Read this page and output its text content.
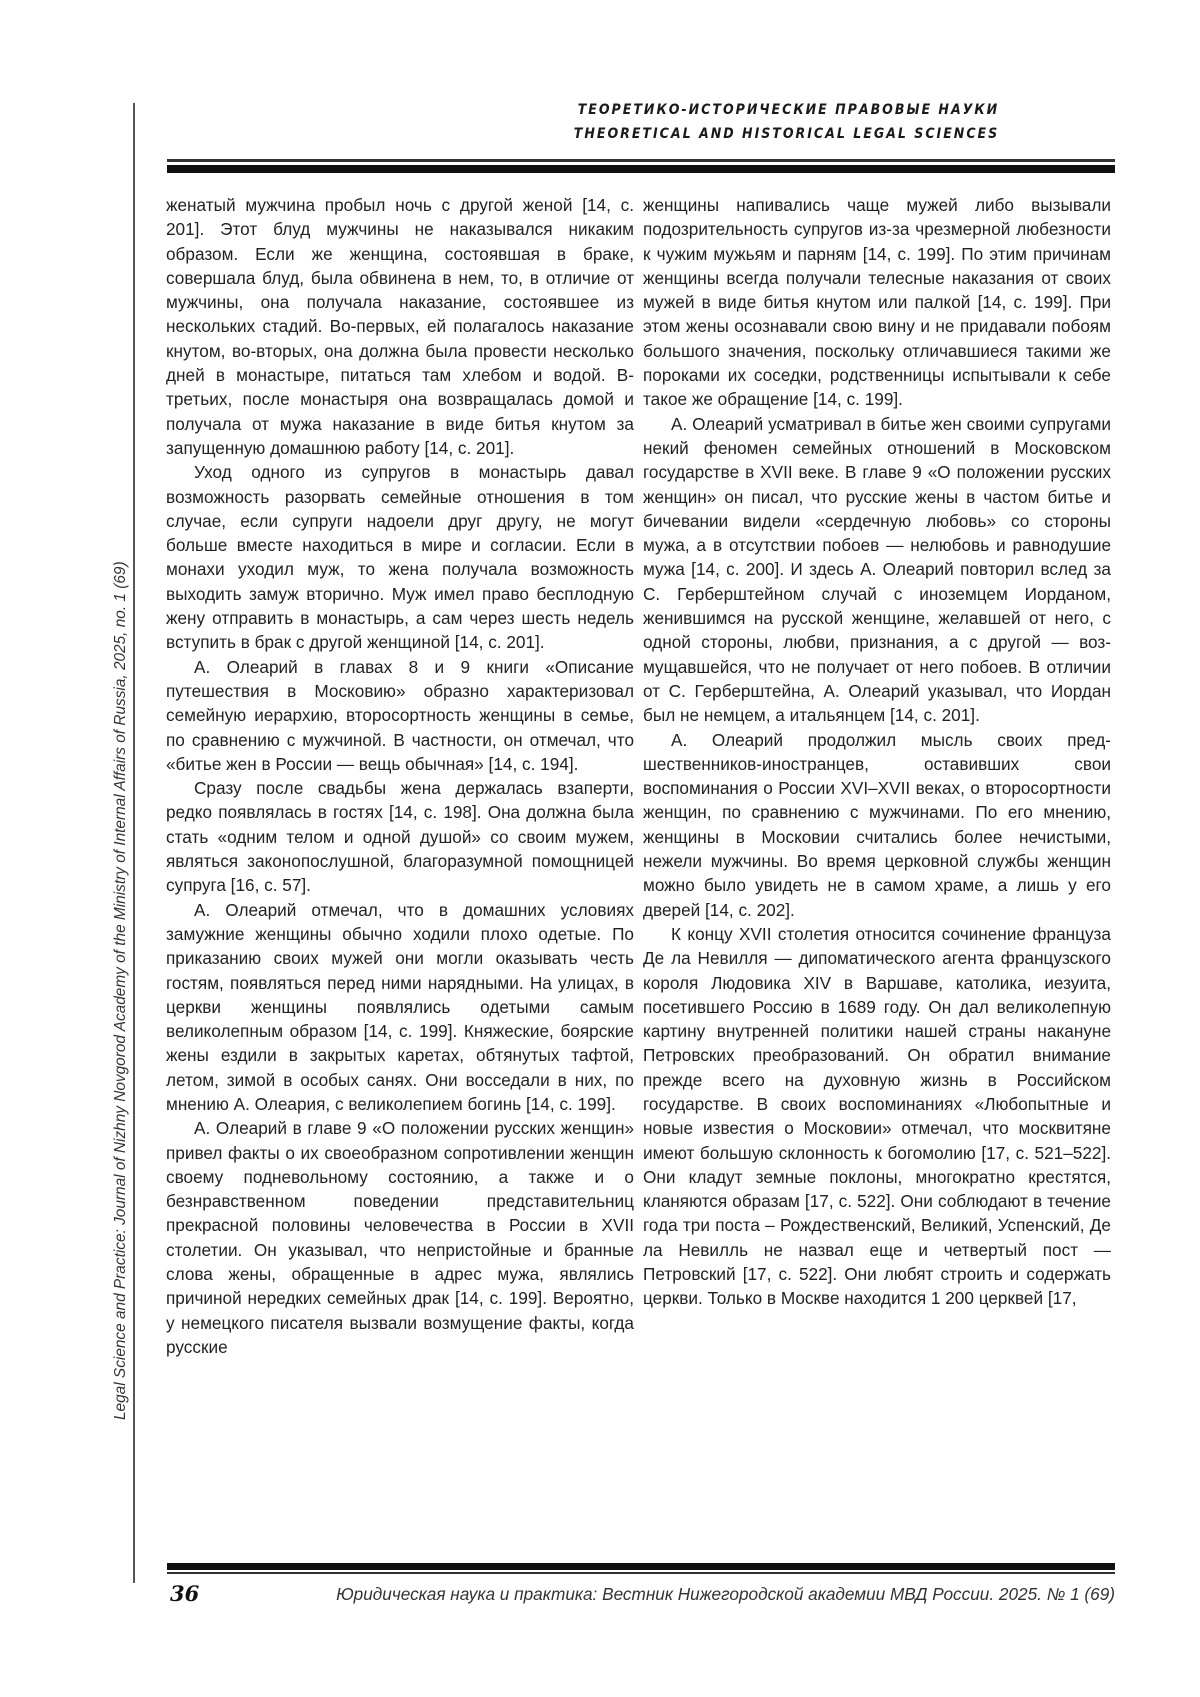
Legal Science and Practice: Journal of Nizhny Novgorod Academy of the Ministry of Internal Affairs of Russia, 2025, no. 1 (69)
ТЕОРЕТИКО-ИСТОРИЧЕСКИЕ ПРАВОВЫЕ НАУКИ
THEORETICAL AND HISTORICAL LEGAL SCIENCES

женатый мужчина пробыл ночь с другой женой [14, с. 201]. Этот блуд мужчины не наказывался никаким образом. Если же женщина, состоявшая в браке, совершала блуд, была обвинена в нем, то, в отличие от мужчины, она получала наказание, состоявшее из нескольких стадий. Во-первых, ей полагалось наказание кнутом, во-вторых, она должна была провести несколько дней в монастыре, питаться там хлебом и водой. В-третьих, после монастыря она возвращалась домой и получала от мужа наказание в виде битья кнутом за запущенную домашнюю работу [14, с. 201].

Уход одного из супругов в монастырь давал возможность разорвать семейные отношения в том случае, если супруги надоели друг другу, не могут больше вместе находиться в мире и согласии. Если в монахи уходил муж, то жена получала возможность выходить замуж вторично. Муж имел право бесплодную жену отправить в монастырь, а сам через шесть недель вступить в брак с другой женщиной [14, с. 201].

А. Олеарий в главах 8 и 9 книги «Описание путешествия в Московию» образно характеризовал семейную иерархию, второсортность женщины в семье, по сравнению с мужчиной. В частности, он отмечал, что «битье жен в России — вещь обычная» [14, с. 194].

Сразу после свадьбы жена держалась взаперти, редко появлялась в гостях [14, с. 198]. Она должна была стать «одним телом и одной душой» со своим мужем, являться законопослушной, благоразумной помощницей супруга [16, с. 57].

А. Олеарий отмечал, что в домашних условиях замужние женщины обычно ходили плохо одетые. По приказанию своих мужей они могли оказывать честь гостям, появляться перед ними нарядными. На улицах, в церкви женщины появлялись одетыми самым великолепным образом [14, с. 199]. Княжеские, боярские жены ездили в закрытых каретах, обтянутых тафтой, летом, зимой в особых санях. Они восседали в них, по мнению А. Олеария, с великолепием богинь [14, с. 199].

А. Олеарий в главе 9 «О положении русских женщин» привел факты о их своеобразном сопротивлении женщин своему подневольному состоянию, а также и о безнравственном поведении представительниц прекрасной половины человечества в России в XVII столетии. Он указывал, что непристойные и бранные слова жены, обращенные в адрес мужа, являлись причиной нередких семейных драк [14, с. 199]. Вероятно, у немецкого писателя вызвали возмущение факты, когда русские

женщины напивались чаще мужей либо вызывали подозрительность супругов из-за чрезмерной любезности к чужим мужьям и парням [14, с. 199]. По этим причинам женщины всегда получали телесные наказания от своих мужей в виде битья кнутом или палкой [14, с. 199]. При этом жены осознавали свою вину и не придавали побоям большого значения, поскольку отличавшиеся такими же пороками их соседки, родственницы испытывали к себе такое же обращение [14, с. 199].

А. Олеарий усматривал в битье жен своими супругами некий феномен семейных отношений в Московском государстве в XVII веке. В главе 9 «О положении русских женщин» он писал, что русские жены в частом битье и бичевании видели «сердечную любовь» со стороны мужа, а в отсутствии побоев — нелюбовь и равнодушие мужа [14, с. 200]. И здесь А. Олеарий повторил вслед за С. Герберштейном случай с иноземцем Иорданом, женившимся на русской женщине, желавшей от него, с одной стороны, любви, признания, а с другой — возмущавшейся, что не получает от него побоев. В отличии от С. Герберштейна, А. Олеарий указывал, что Иордан был не немцем, а итальянцем [14, с. 201].

А. Олеарий продолжил мысль своих предшественников-иностранцев, оставивших свои воспоминания о России XVI–XVII веках, о второсортности женщин, по сравнению с мужчинами. По его мнению, женщины в Московии считались более нечистыми, нежели мужчины. Во время церковной службы женщин можно было увидеть не в самом храме, а лишь у его дверей [14, с. 202].

К концу XVII столетия относится сочинение француза Де ла Невилля — дипоматического агента французского короля Людовика XIV в Варшаве, католика, иезуита, посетившего Россию в 1689 году. Он дал великолепную картину внутренней политики нашей страны накануне Петровских преобразований. Он обратил внимание прежде всего на духовную жизнь в Российском государстве. В своих воспоминаниях «Любопытные и новые известия о Московии» отмечал, что москвитяне имеют большую склонность к богомолию [17, с. 521–522]. Они кладут земные поклоны, многократно крестятся, кланяются образам [17, с. 522]. Они соблюдают в течение года три поста – Рождественский, Великий, Успенский, Де ла Невилль не назвал еще и четвертый пост — Петровский [17, с. 522]. Они любят строить и содержать церкви. Только в Москве находится 1 200 церквей [17,

36	Юридическая наука и практика: Вестник Нижегородской академии МВД России. 2025. № 1 (69)
